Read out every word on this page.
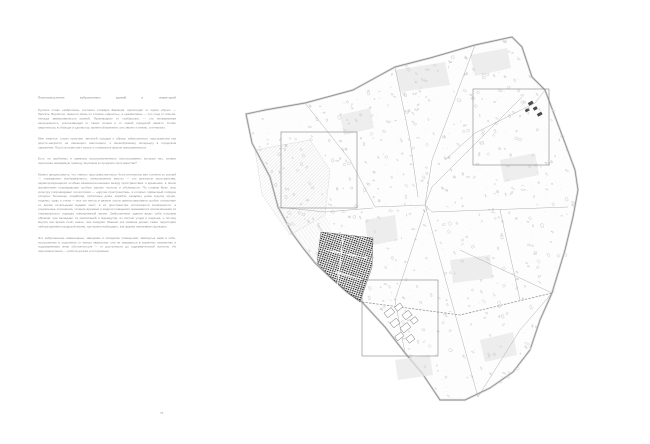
Переосмысление заброшенных зданий и территорий

Русское слово «заброшка», согласно словарю Фасмера, происходит от корня «брос» — бросать. Вероятно, имеется связь со словом «заросль», а «развалина» — это след от износа, некогда завершившегося руиной. Производное от «заброшки» — это непрерывная запущенность, ускользающая от своих хозяев и от самой городской памяти. Слово закрепилось в обиходе и сделалось приметой времени: оно звучит и нежно, и печально.

Мне кажется, слово приучает жителей городов к образу заброшенного пространства как просто-напросто не имеющего настоящего, к своеобразному интерьеру в городском окружении. Пустота перестаёт пугать и становится фоном повседневности.

Есть ли проблемы и примеры пространственного использования, которые мы, словно пересекая невидимую границу, впускаем в городское пространство?

Можно предположить, что «иные» пространства могут быть интересны вне степени их усилий — «праздники» воображаемого, «невозможные места» — это реальные пространства, характеризующиеся особым взаимоотношением между пространством и временем, в своих проявлениях порождающие особые законы тесноты и объёмности. По словам Фуко, всю культуру сопровождают гетеротопии — «другие пространства», в которых привычный порядок оспорен: больницы, кладбища, публичные дома, корабли, казармы, дома отдыха, музеи, тюрьмы, сады и отели — все эти места в разные эпохи демонстрировали особое отношение со всеми остальными видами мест; в их пространстве исполняются возможности, а социальные отношения, течение времени и модели поведения оказываются исключёнными из «нормального» порядка повседневной жизни. Заброшенные здания ведут себя похожим образом: они выпадают из расписаний и маршрутов, из систем ухода и надзора, и потому внутри них время течёт иначе, чем снаружи. Именно эта изнанка делает такие территории лабораториями городской жизни, где можно наблюдать, как форма переживает функцию.

Это заброшенные инженерные, заводские и складские помещения, замкнутые сами в себе, построенные в отдалении от жилых кварталов; они не нуждаются в коренных переменах и подразумевают веер обстоятельств — от доступности до содержательной полноты. Их переосмысление — работа долгая и осторожная.

76
